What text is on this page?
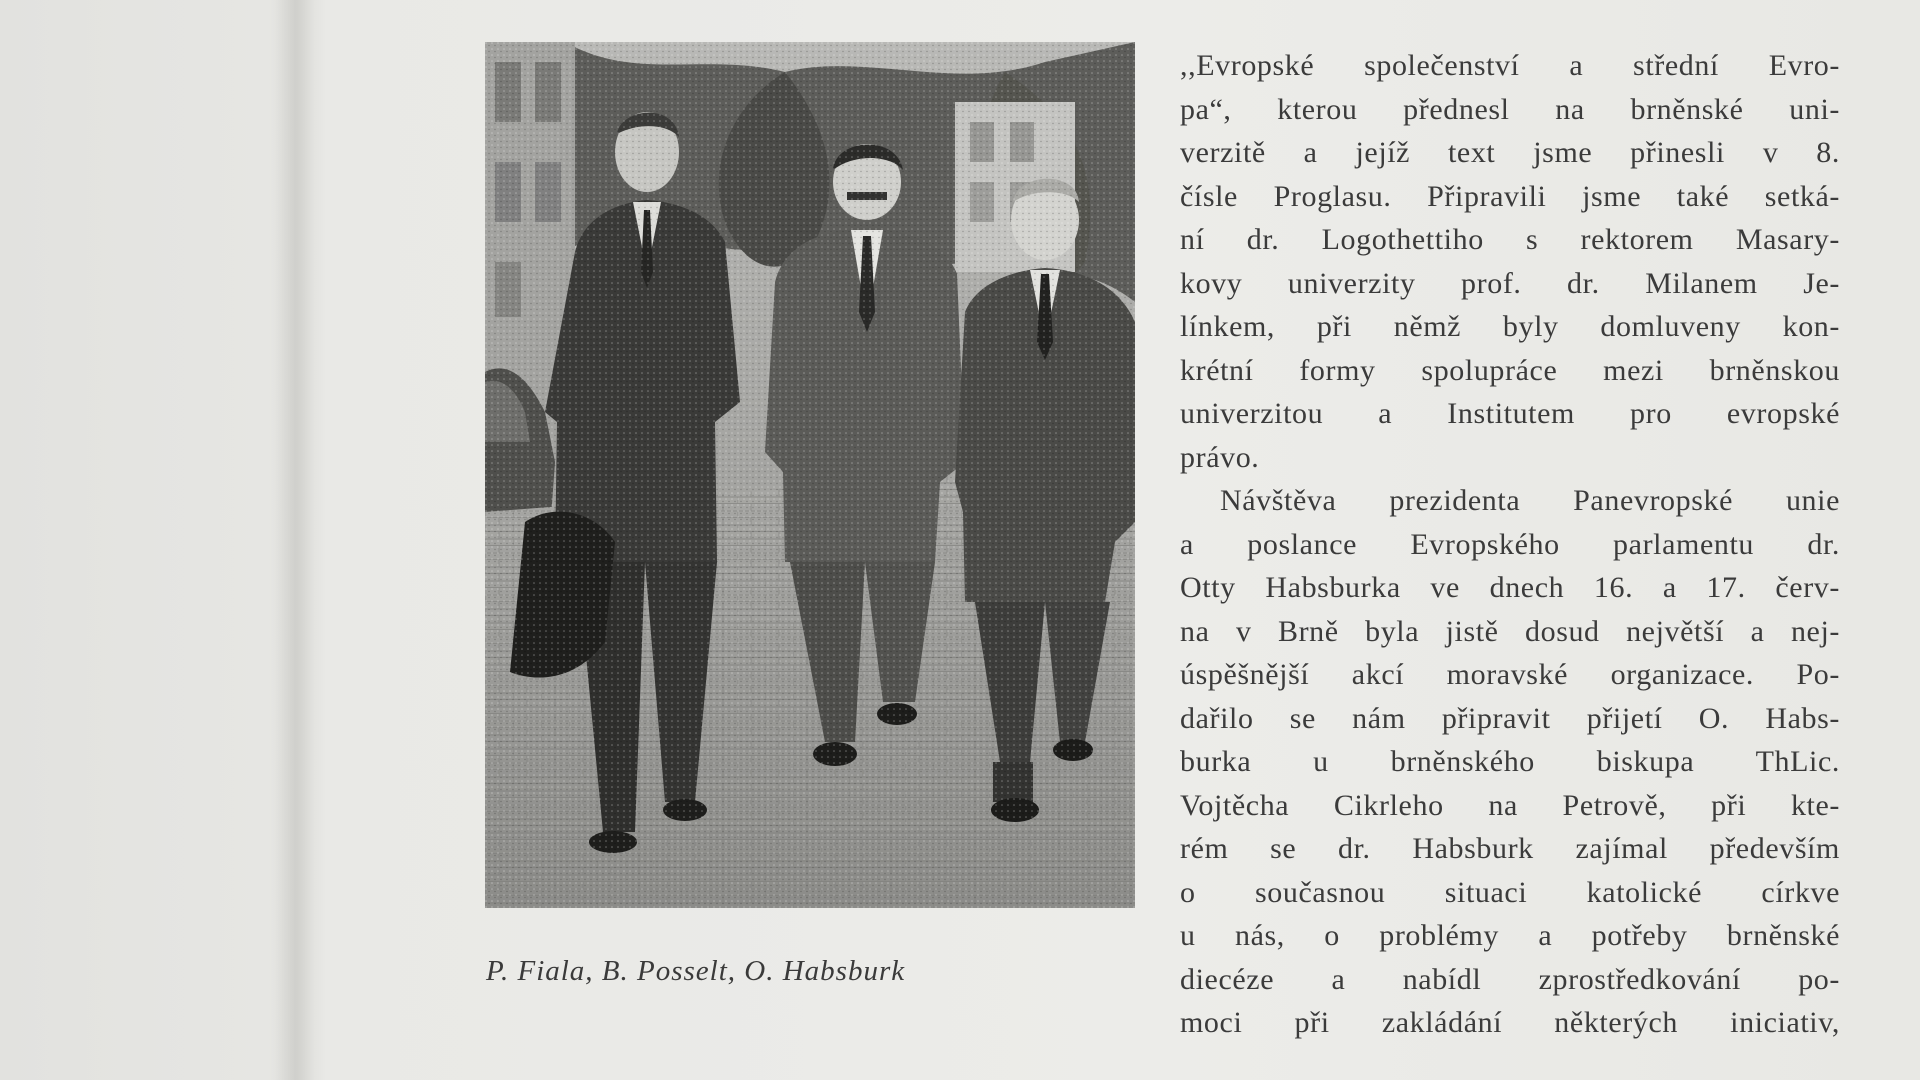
P. Fiala, B. Posselt, O. Habsburk
,,Evropské společenství a střední Evro-
pa“, kterou přednesl na brněnské uni-
verzitě a jejíž text jsme přinesli v 8.
čísle Proglasu. Připravili jsme také setká-
ní dr. Logothettiho s rektorem Masary-
kovy univerzity prof. dr. Milanem Je-
línkem, při němž byly domluveny kon-
krétní formy spolupráce mezi brněnskou
univerzitou a Institutem pro evropské
právo.
Návštěva prezidenta Panevropské unie
a poslance Evropského parlamentu dr.
Otty Habsburka ve dnech 16. a 17. červ-
na v Brně byla jistě dosud největší a nej-
úspěšnější akcí moravské organizace. Po-
dařilo se nám připravit přijetí O. Habs-
burka u brněnského biskupa ThLic.
Vojtěcha Cikrleho na Petrově, při kte-
rém se dr. Habsburk zajímal především
o současnou situaci katolické církve
u nás, o problémy a potřeby brněnské
diecéze a nabídl zprostředkování po-
moci při zakládání některých iniciativ,
